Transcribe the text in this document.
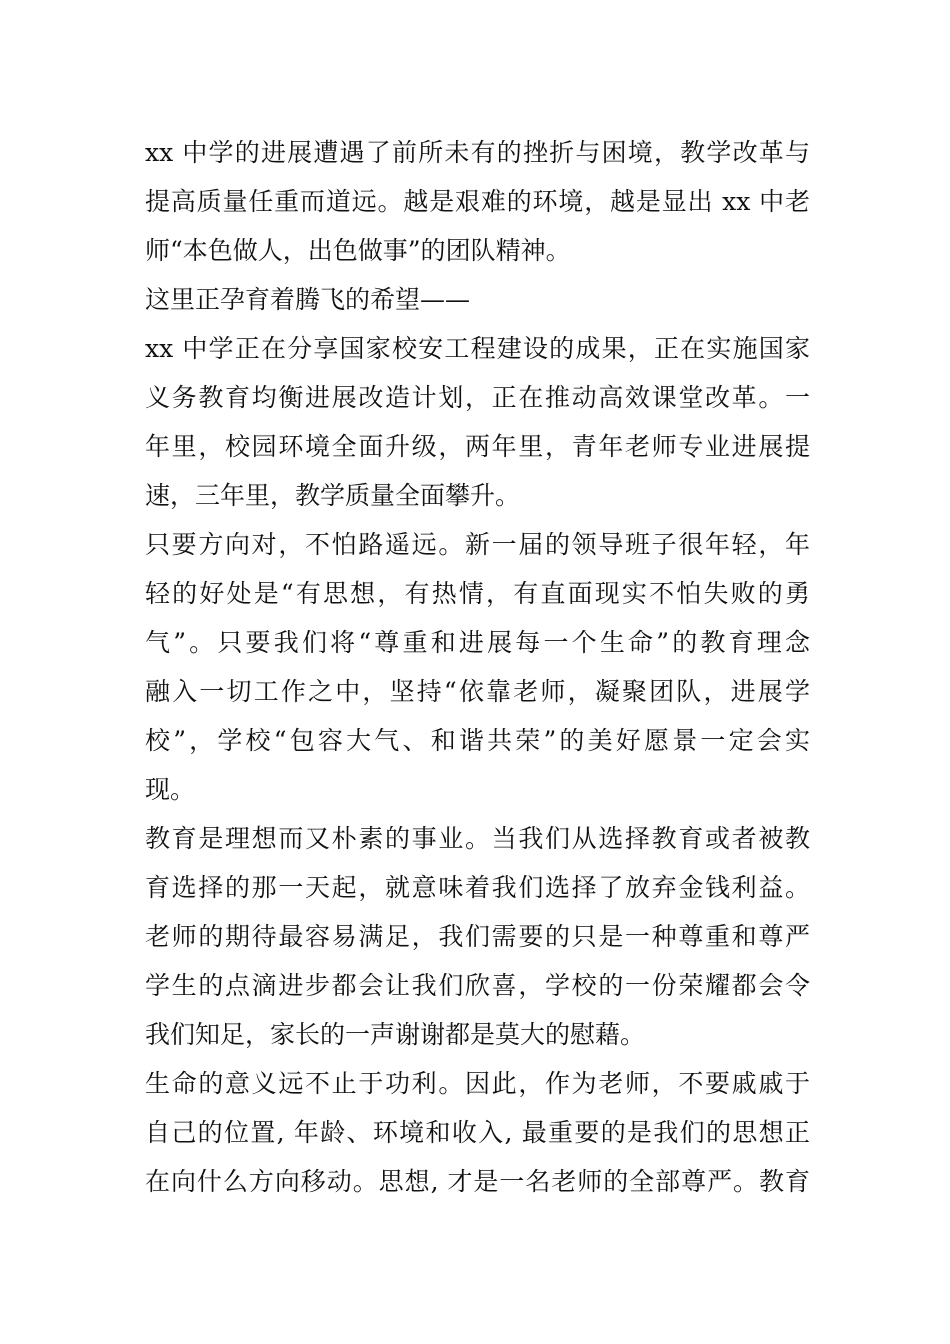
xx 中学的进展遭遇了前所未有的挫折与困境，教学改革与
提高质量任重而道远。越是艰难的环境，越是显出 xx 中老
师“本色做人，出色做事”的团队精神。
这里正孕育着腾飞的希望——
xx 中学正在分享国家校安工程建设的成果，正在实施国家
义务教育均衡进展改造计划，正在推动高效课堂改革。一
年里，校园环境全面升级，两年里，青年老师专业进展提
速，三年里，教学质量全面攀升。
只要方向对，不怕路遥远。新一届的领导班子很年轻，年
轻的好处是“有思想，有热情，有直面现实不怕失败的勇
气”。只要我们将“尊重和进展每一个生命”的教育理念
融入一切工作之中，坚持“依靠老师，凝聚团队，进展学
校”，学校“包容大气、和谐共荣”的美好愿景一定会实
现。
教育是理想而又朴素的事业。当我们从选择教育或者被教
育选择的那一天起，就意味着我们选择了放弃金钱利益。
老师的期待最容易满足，我们需要的只是一种尊重和尊严
学生的点滴进步都会让我们欣喜，学校的一份荣耀都会令
我们知足，家长的一声谢谢都是莫大的慰藉。
生命的意义远不止于功利。因此，作为老师，不要戚戚于
自己的位置, 年龄、环境和收入, 最重要的是我们的思想正
在向什么方向移动。思想, 才是一名老师的全部尊严。教育
